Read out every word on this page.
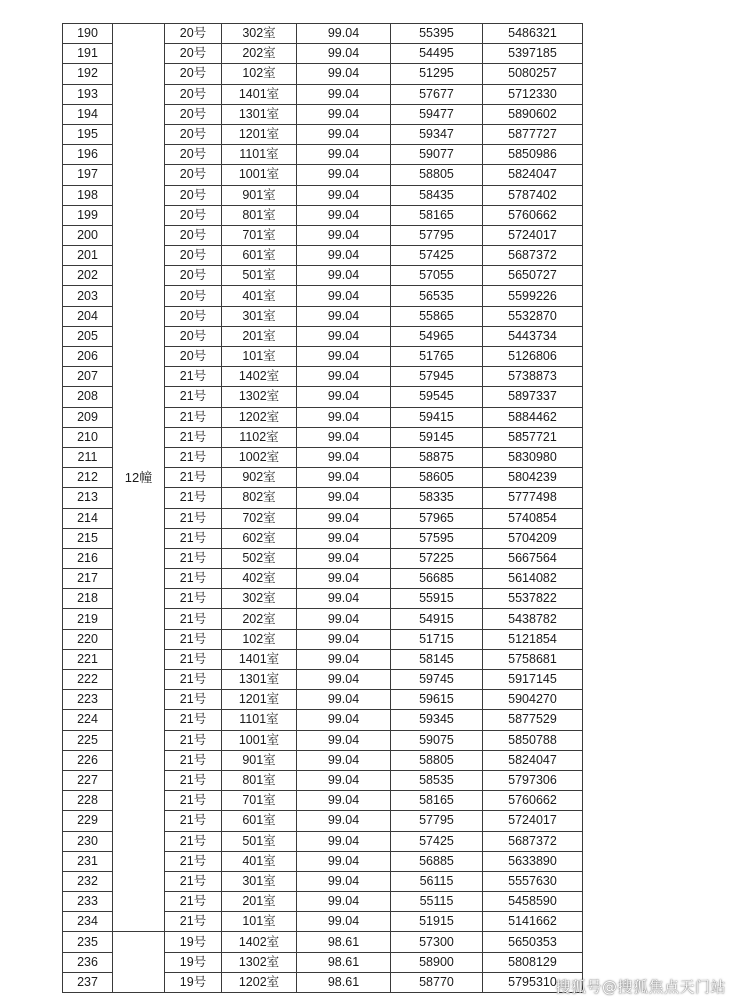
190	12幢	20号	302室	99.04	55395	5486321
191		20号	202室	99.04	54495	5397185
192		20号	102室	99.04	51295	5080257
193		20号	1401室	99.04	57677	5712330
194		20号	1301室	99.04	59477	5890602
195		20号	1201室	99.04	59347	5877727
196		20号	1101室	99.04	59077	5850986
197		20号	1001室	99.04	58805	5824047
198		20号	901室	99.04	58435	5787402
199		20号	801室	99.04	58165	5760662
200		20号	701室	99.04	57795	5724017
201		20号	601室	99.04	57425	5687372
202		20号	501室	99.04	57055	5650727
203		20号	401室	99.04	56535	5599226
204		20号	301室	99.04	55865	5532870
205		20号	201室	99.04	54965	5443734
206		20号	101室	99.04	51765	5126806
207		21号	1402室	99.04	57945	5738873
208		21号	1302室	99.04	59545	5897337
209		21号	1202室	99.04	59415	5884462
210		21号	1102室	99.04	59145	5857721
211		21号	1002室	99.04	58875	5830980
212		21号	902室	99.04	58605	5804239
213		21号	802室	99.04	58335	5777498
214		21号	702室	99.04	57965	5740854
215		21号	602室	99.04	57595	5704209
216		21号	502室	99.04	57225	5667564
217		21号	402室	99.04	56685	5614082
218		21号	302室	99.04	55915	5537822
219		21号	202室	99.04	54915	5438782
220		21号	102室	99.04	51715	5121854
221		21号	1401室	99.04	58145	5758681
222		21号	1301室	99.04	59745	5917145
223		21号	1201室	99.04	59615	5904270
224		21号	1101室	99.04	59345	5877529
225		21号	1001室	99.04	59075	5850788
226		21号	901室	99.04	58805	5824047
227		21号	801室	99.04	58535	5797306
228		21号	701室	99.04	58165	5760662
229		21号	601室	99.04	57795	5724017
230		21号	501室	99.04	57425	5687372
231		21号	401室	99.04	56885	5633890
232		21号	301室	99.04	56115	5557630
233		21号	201室	99.04	55115	5458590
234		21号	101室	99.04	51915	5141662
235		19号	1402室	98.61	57300	5650353
236		19号	1302室	98.61	58900	5808129
237		19号	1202室	98.61	58770	5795310
搜狐号@搜狐焦点天门站
